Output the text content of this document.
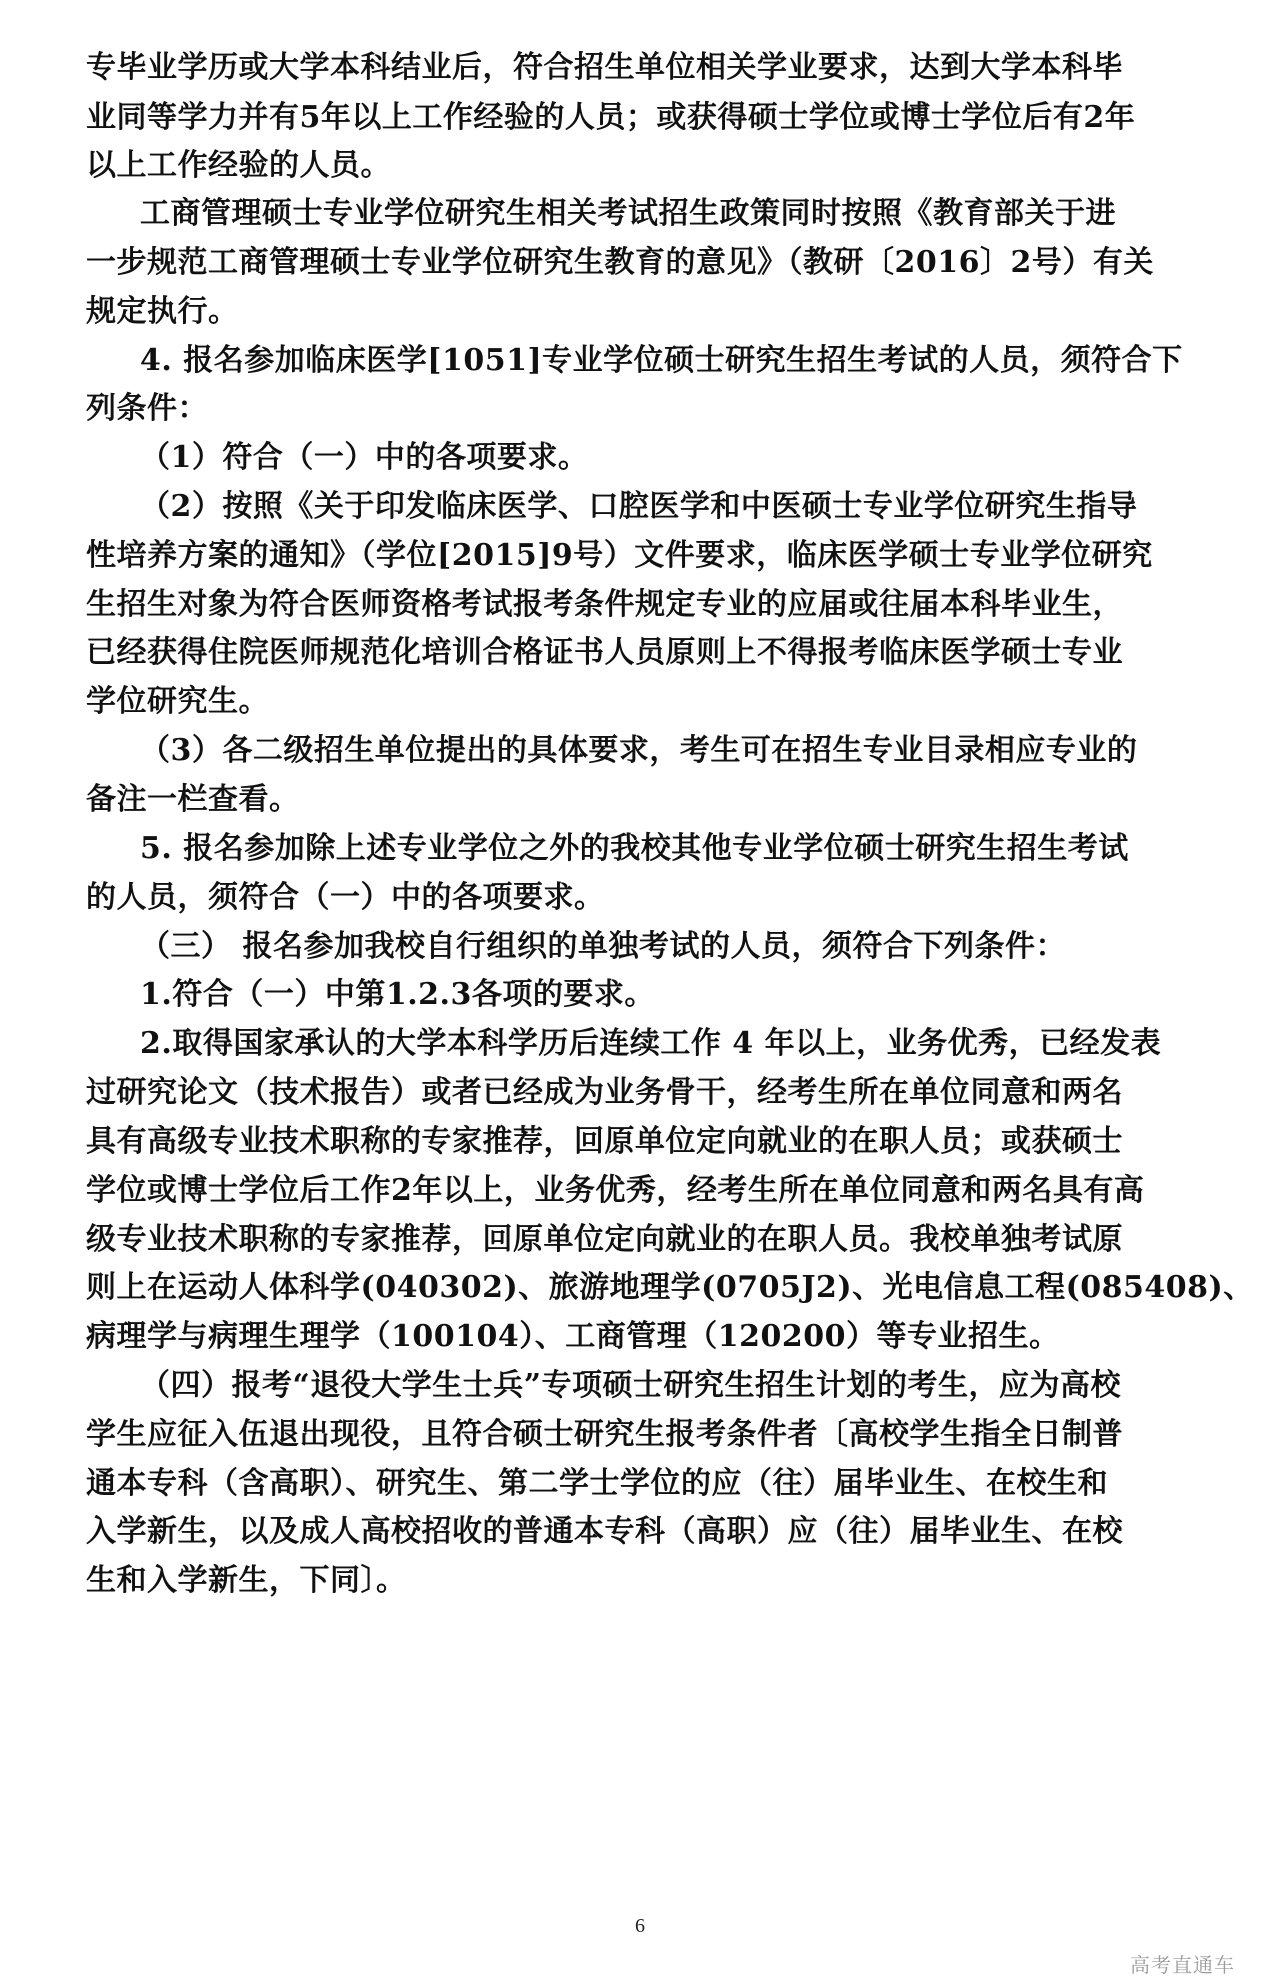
专毕业学历或大学本科结业后，符合招生单位相关学业要求，达到大学本科毕
业同等学力并有5年以上工作经验的人员；或获得硕士学位或博士学位后有2年
以上工作经验的人员。
工商管理硕士专业学位研究生相关考试招生政策同时按照《教育部关于进
一步规范工商管理硕士专业学位研究生教育的意见》（教研〔2016〕2号）有关
规定执行。
4. 报名参加临床医学[1051]专业学位硕士研究生招生考试的人员，须符合下
列条件：
（1）符合（一）中的各项要求。
（2）按照《关于印发临床医学、口腔医学和中医硕士专业学位研究生指导
性培养方案的通知》（学位[2015]9号）文件要求，临床医学硕士专业学位研究
生招生对象为符合医师资格考试报考条件规定专业的应届或往届本科毕业生，
已经获得住院医师规范化培训合格证书人员原则上不得报考临床医学硕士专业
学位研究生。
（3）各二级招生单位提出的具体要求，考生可在招生专业目录相应专业的
备注一栏查看。
5. 报名参加除上述专业学位之外的我校其他专业学位硕士研究生招生考试
的人员，须符合（一）中的各项要求。
（三） 报名参加我校自行组织的单独考试的人员，须符合下列条件：
1.符合（一）中第1.2.3各项的要求。
2.取得国家承认的大学本科学历后连续工作 4 年以上，业务优秀，已经发表
过研究论文（技术报告）或者已经成为业务骨干，经考生所在单位同意和两名
具有高级专业技术职称的专家推荐，回原单位定向就业的在职人员；或获硕士
学位或博士学位后工作2年以上，业务优秀，经考生所在单位同意和两名具有高
级专业技术职称的专家推荐，回原单位定向就业的在职人员。我校单独考试原
则上在运动人体科学(040302)、旅游地理学(0705J2)、光电信息工程(085408)、
病理学与病理生理学（100104）、工商管理（120200）等专业招生。
（四）报考“退役大学生士兵”专项硕士研究生招生计划的考生，应为高校
学生应征入伍退出现役，且符合硕士研究生报考条件者〔高校学生指全日制普
通本专科（含高职）、研究生、第二学士学位的应（往）届毕业生、在校生和
入学新生，以及成人高校招收的普通本专科（高职）应（往）届毕业生、在校
生和入学新生，下同〕。
6
高考直通车
